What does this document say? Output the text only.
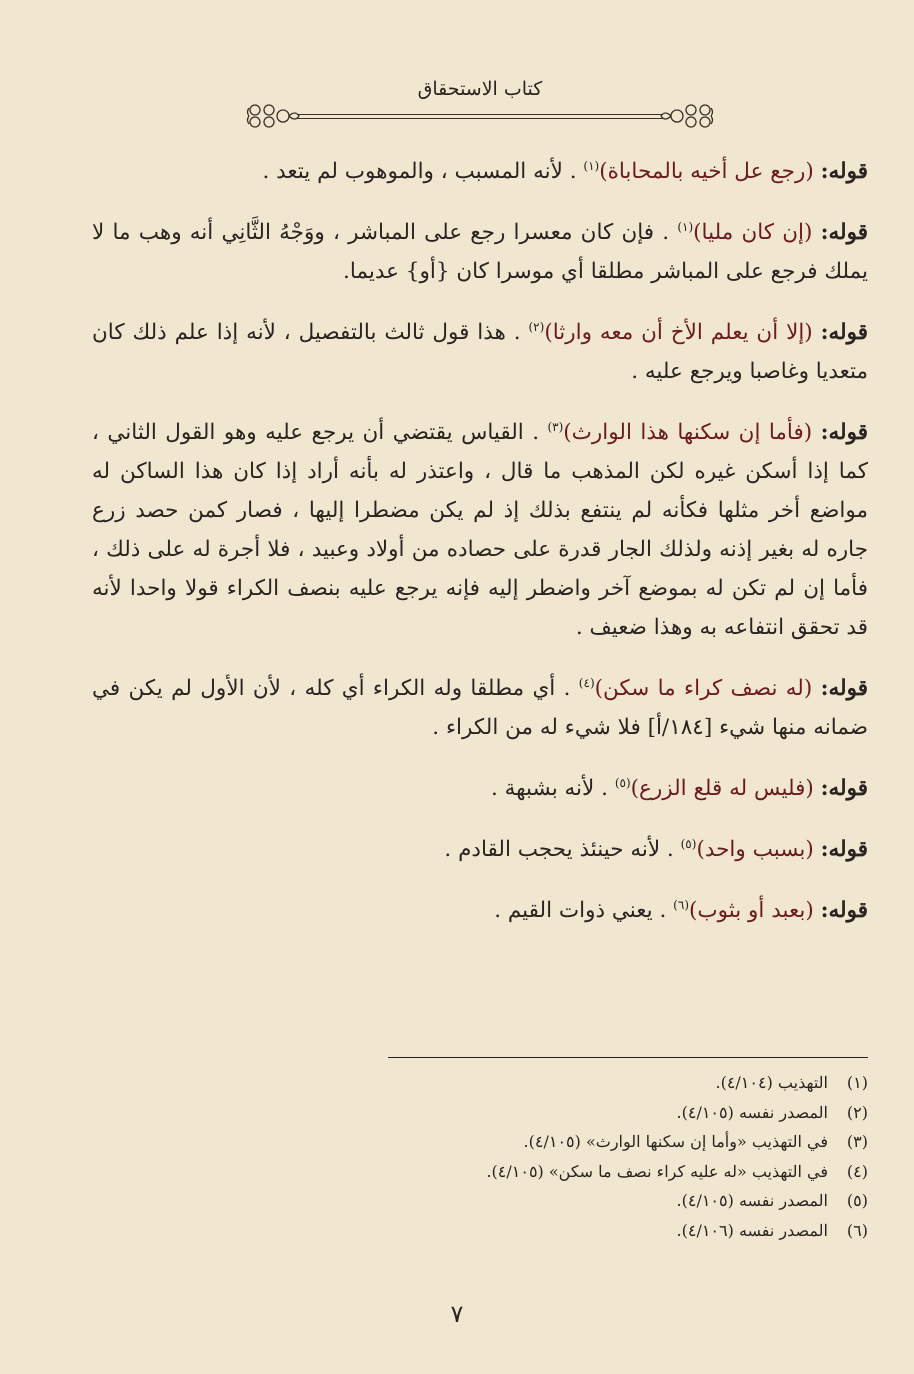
كتاب الاستحقاق

قوله: (رجع عل أخيه بالمحاباة)$^{(١)}$ . لأنه المسبب ، والموهوب لم يتعد .

قوله: (إن كان مليا)$^{(١)}$ . فإن كان معسرا رجع على المباشر ، ووَجْهُ الثَّانِي أنه وهب ما لا يملك فرجع على المباشر مطلقا أي موسرا كان {أو} عديما.

قوله: (إلا أن يعلم الأخ أن معه وارثا)$^{(٢)}$ . هذا قول ثالث بالتفصيل ، لأنه إذا علم ذلك كان متعديا وغاصبا ويرجع عليه .

قوله: (فأما إن سكنها هذا الوارث)$^{(٣)}$ . القياس يقتضي أن يرجع عليه وهو القول الثاني ، كما إذا أسكن غيره لكن المذهب ما قال ، واعتذر له بأنه أراد إذا كان هذا الساكن له مواضع أخر مثلها فكأنه لم ينتفع بذلك إذ لم يكن مضطرا إليها ، فصار كمن حصد زرع جاره له بغير إذنه ولذلك الجار قدرة على حصاده من أولاد وعبيد ، فلا أجرة له على ذلك ، فأما إن لم تكن له بموضع آخر واضطر إليه فإنه يرجع عليه بنصف الكراء قولا واحدا لأنه قد تحقق انتفاعه به وهذا ضعيف .

قوله: (له نصف كراء ما سكن)$^{(٤)}$ . أي مطلقا وله الكراء أي كله ، لأن الأول لم يكن في ضمانه منها شيء [١٨٤/أ] فلا شيء له من الكراء .

قوله: (فليس له قلع الزرع)$^{(٥)}$ . لأنه بشبهة .

قوله: (بسبب واحد)$^{(٥)}$ . لأنه حينئذ يحجب القادم .

قوله: (بعبد أو بثوب)$^{(٦)}$ . يعني ذوات القيم .

(١)التهذيب (٤/١٠٤).
(٢)المصدر نفسه (٤/١٠٥).
(٣)في التهذيب «وأما إن سكنها الوارث» (٤/١٠٥).
(٤)في التهذيب «له عليه كراء نصف ما سكن» (٤/١٠٥).
(٥)المصدر نفسه (٤/١٠٥).
(٦)المصدر نفسه (٤/١٠٦).
٧
